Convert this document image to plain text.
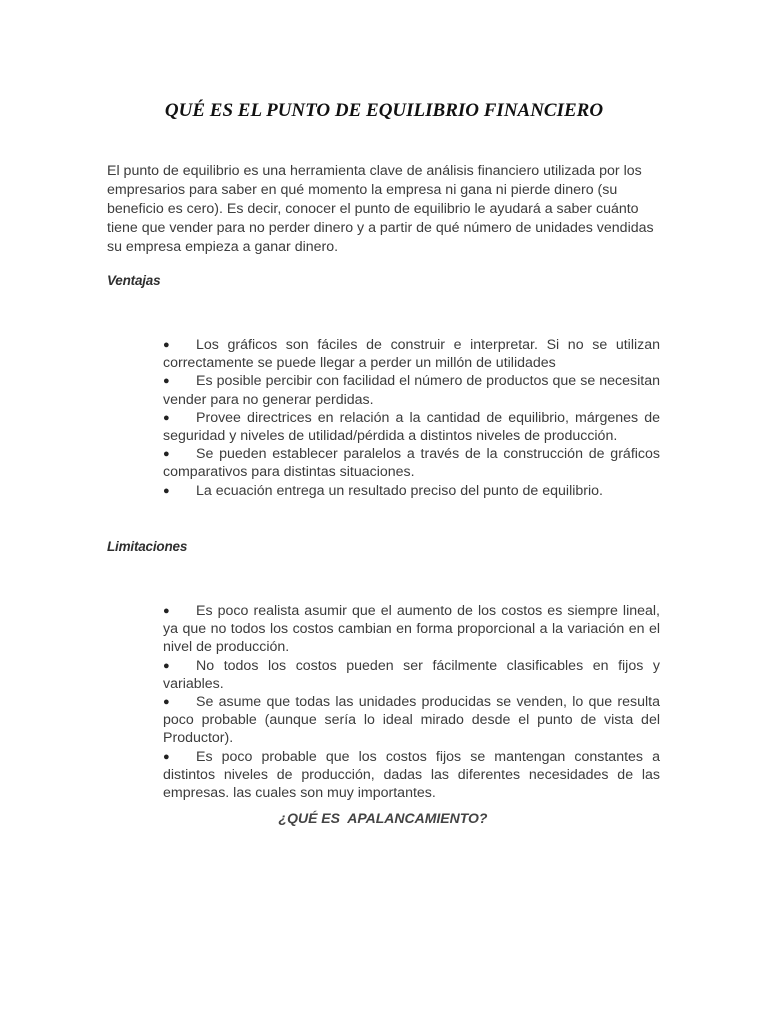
QUÉ ES EL PUNTO DE EQUILIBRIO FINANCIERO

El punto de equilibrio es una herramienta clave de análisis financiero utilizada por los empresarios para saber en qué momento la empresa ni gana ni pierde dinero (su beneficio es cero). Es decir, conocer el punto de equilibrio le ayudará a saber cuánto tiene que vender para no perder dinero y a partir de qué número de unidades vendidas su empresa empieza a ganar dinero.

Ventajas
● Los gráficos son fáciles de construir e interpretar. Si no se utilizan correctamente se puede llegar a perder un millón de utilidades
● Es posible percibir con facilidad el número de productos que se necesitan vender para no generar perdidas.
● Provee directrices en relación a la cantidad de equilibrio, márgenes de seguridad y niveles de utilidad/pérdida a distintos niveles de producción.
● Se pueden establecer paralelos a través de la construcción de gráficos comparativos para distintas situaciones.
● La ecuación entrega un resultado preciso del punto de equilibrio.
Limitaciones
● Es poco realista asumir que el aumento de los costos es siempre lineal, ya que no todos los costos cambian en forma proporcional a la variación en el nivel de producción.
● No todos los costos pueden ser fácilmente clasificables en fijos y variables.
● Se asume que todas las unidades producidas se venden, lo que resulta poco probable (aunque sería lo ideal mirado desde el punto de vista del Productor).
● Es poco probable que los costos fijos se mantengan constantes a distintos niveles de producción, dadas las diferentes necesidades de las empresas. las cuales son muy importantes.
¿QUÉ ES  APALANCAMIENTO?
